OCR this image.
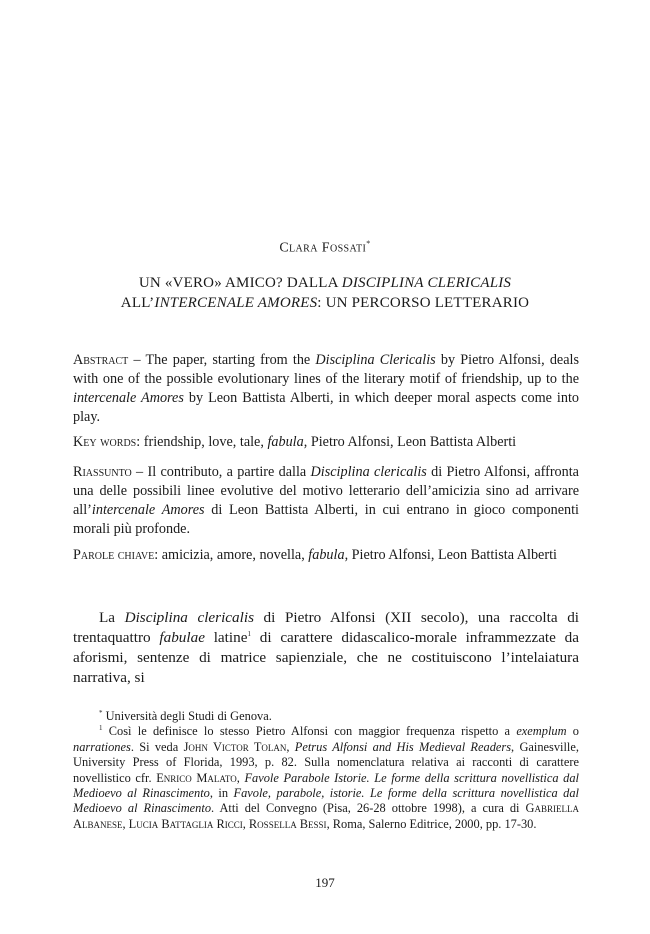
Clara Fossati*
UN «VERO» AMICO? DALLA DISCIPLINA CLERICALIS
ALL’INTERCENALE AMORES: UN PERCORSO LETTERARIO

Abstract – The paper, starting from the Disciplina Clericalis by Pietro Alfonsi, deals with one of the possible evolutionary lines of the literary motif of friendship, up to the intercenale Amores by Leon Battista Alberti, in which deeper moral aspects come into play.

Key words: friendship, love, tale, fabula, Pietro Alfonsi, Leon Battista Alberti

Riassunto – Il contributo, a partire dalla Disciplina clericalis di Pietro Alfonsi, affronta una delle possibili linee evolutive del motivo letterario dell’amicizia sino ad arrivare all’intercenale Amores di Leon Battista Alberti, in cui entrano in gioco componenti morali più profonde.

Parole chiave: amicizia, amore, novella, fabula, Pietro Alfonsi, Leon Battista Alberti

La Disciplina clericalis di Pietro Alfonsi (XII secolo), una raccolta di trentaquattro fabulae latine$^1$ di carattere didascalico-morale inframmezzate da aforismi, sentenze di matrice sapienziale, che ne costituiscono l’intelaiatura narrativa, si

* Università degli Studi di Genova.

$^1$ Così le definisce lo stesso Pietro Alfonsi con maggior frequenza rispetto a exemplum o narrationes. Si veda John Victor Tolan, Petrus Alfonsi and His Medieval Readers, Gainesville, University Press of Florida, 1993, p. 82. Sulla nomenclatura relativa ai racconti di carattere novellistico cfr. Enrico Malato, Favole Parabole Istorie. Le forme della scrittura novellistica dal Medioevo al Rinascimento, in Favole, parabole, istorie. Le forme della scrittura novellistica dal Medioevo al Rinascimento. Atti del Convegno (Pisa, 26-28 ottobre 1998), a cura di Gabriella Albanese, Lucia Battaglia Ricci, Rossella Bessi, Roma, Salerno Editrice, 2000, pp. 17-30.

197
